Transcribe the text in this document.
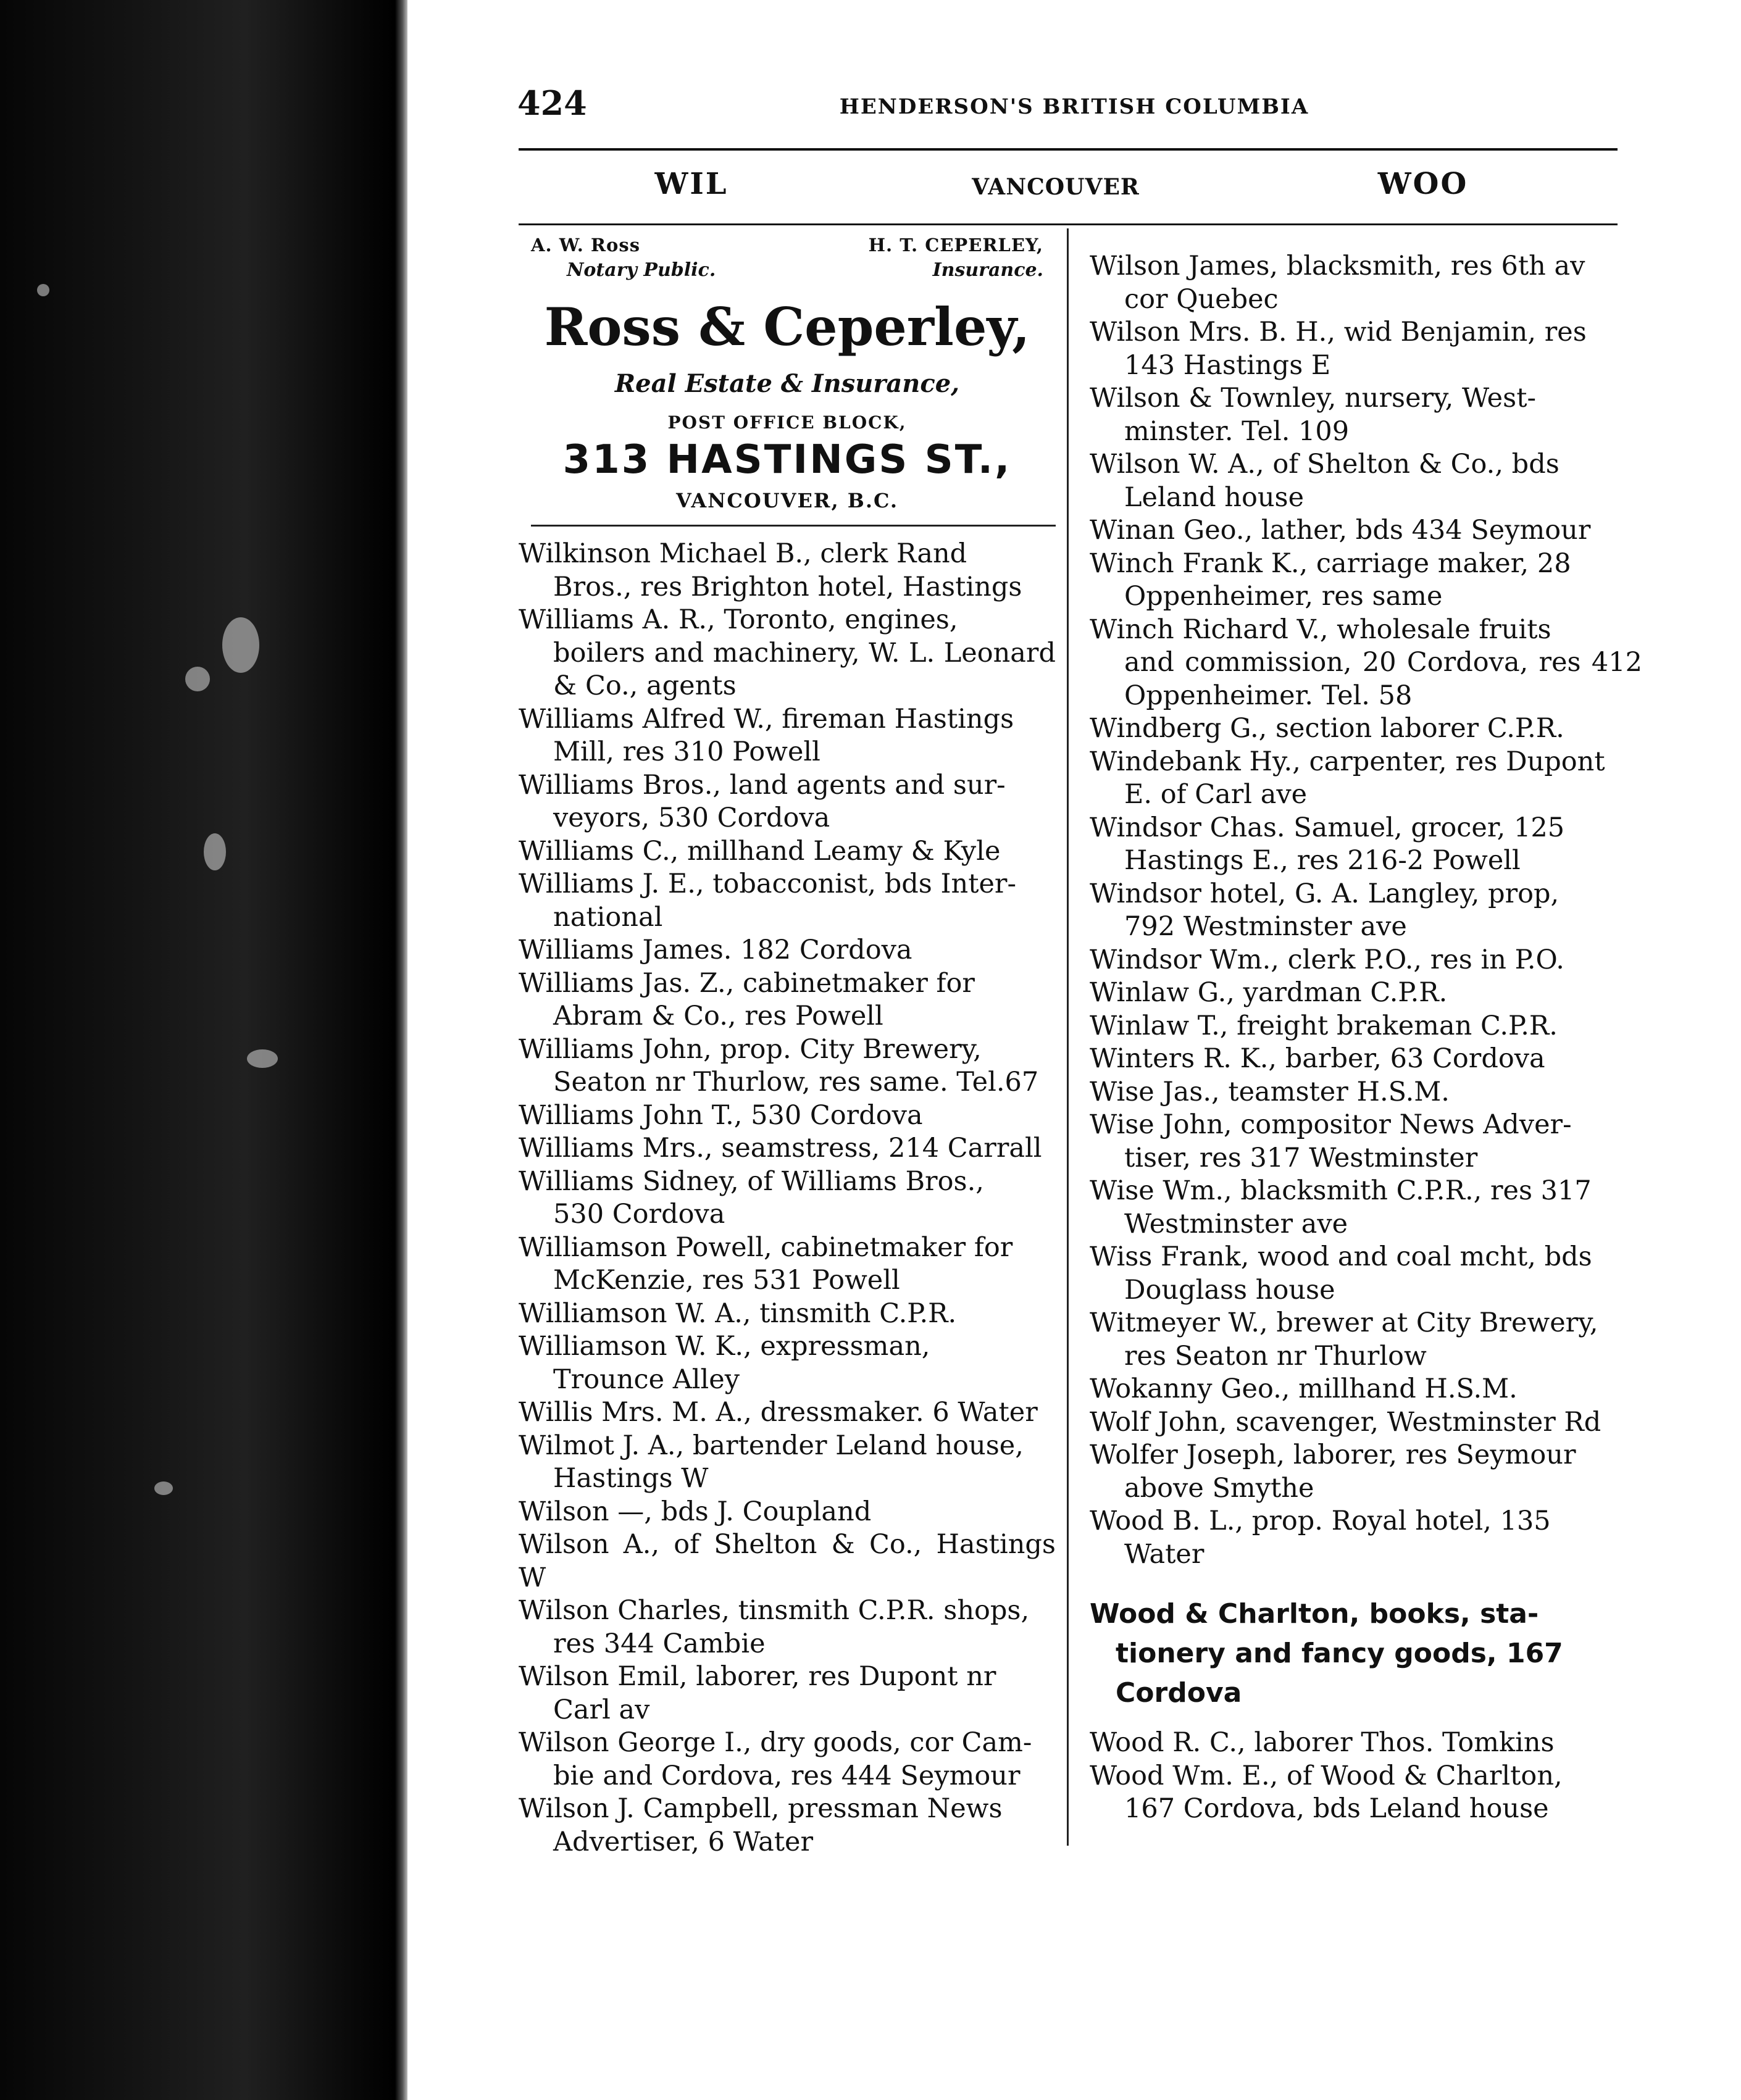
424	HENDERSON'S BRITISH COLUMBIA
WIL	VANCOUVER	WOO
A. W. Ross	H. T. CEPERLEY,
Notary Public.	Insurance.
Ross & Ceperley,
Real Estate & Insurance,
POST OFFICE BLOCK,
313 HASTINGS ST.,
VANCOUVER, B.C.
Wilkinson Michael B., clerk Rand
Bros., res Brighton hotel, Hastings
Williams A. R., Toronto, engines,
boilers and machinery, W. L. Leonard & Co., agents
Williams Alfred W., fireman Hastings
Mill, res 310 Powell
Williams Bros., land agents and sur-
veyors, 530 Cordova
Williams C., millhand Leamy & Kyle
Williams J. E., tobacconist, bds Inter-
national
Williams James. 182 Cordova
Williams Jas. Z., cabinetmaker for
Abram & Co., res Powell
Williams John, prop. City Brewery,
Seaton nr Thurlow, res same. Tel.67
Williams John T., 530 Cordova
Williams Mrs., seamstress, 214 Carrall
Williams Sidney, of Williams Bros.,
530 Cordova
Williamson Powell, cabinetmaker for
McKenzie, res 531 Powell
Williamson W. A., tinsmith C.P.R.
Williamson W. K., expressman,
Trounce Alley
Willis Mrs. M. A., dressmaker. 6 Water
Wilmot J. A., bartender Leland house,
Hastings W
Wilson —, bds J. Coupland
Wilson A., of Shelton & Co., Hastings W
Wilson Charles, tinsmith C.P.R. shops,
res 344 Cambie
Wilson Emil, laborer, res Dupont nr
Carl av
Wilson George I., dry goods, cor Cam-
bie and Cordova, res 444 Seymour
Wilson J. Campbell, pressman News
Advertiser, 6 Water
Wilson James, blacksmith, res 6th av
cor Quebec
Wilson Mrs. B. H., wid Benjamin, res
143 Hastings E
Wilson & Townley, nursery, West-
minster. Tel. 109
Wilson W. A., of Shelton & Co., bds
Leland house
Winan Geo., lather, bds 434 Seymour
Winch Frank K., carriage maker, 28
Oppenheimer, res same
Winch Richard V., wholesale fruits
and commission, 20 Cordova, res 412 Oppenheimer. Tel. 58
Windberg G., section laborer C.P.R.
Windebank Hy., carpenter, res Dupont
E. of Carl ave
Windsor Chas. Samuel, grocer, 125
Hastings E., res 216-2 Powell
Windsor hotel, G. A. Langley, prop,
792 Westminster ave
Windsor Wm., clerk P.O., res in P.O.
Winlaw G., yardman C.P.R.
Winlaw T., freight brakeman C.P.R.
Winters R. K., barber, 63 Cordova
Wise Jas., teamster H.S.M.
Wise John, compositor News Adver-
tiser, res 317 Westminster
Wise Wm., blacksmith C.P.R., res 317
Westminster ave
Wiss Frank, wood and coal mcht, bds
Douglass house
Witmeyer W., brewer at City Brewery,
res Seaton nr Thurlow
Wokanny Geo., millhand H.S.M.
Wolf John, scavenger, Westminster Rd
Wolfer Joseph, laborer, res Seymour
above Smythe
Wood B. L., prop. Royal hotel, 135
Water
Wood & Charlton, books, sta-
tionery and fancy goods, 167 Cordova
Wood R. C., laborer Thos. Tomkins
Wood Wm. E., of Wood & Charlton,
167 Cordova, bds Leland house
